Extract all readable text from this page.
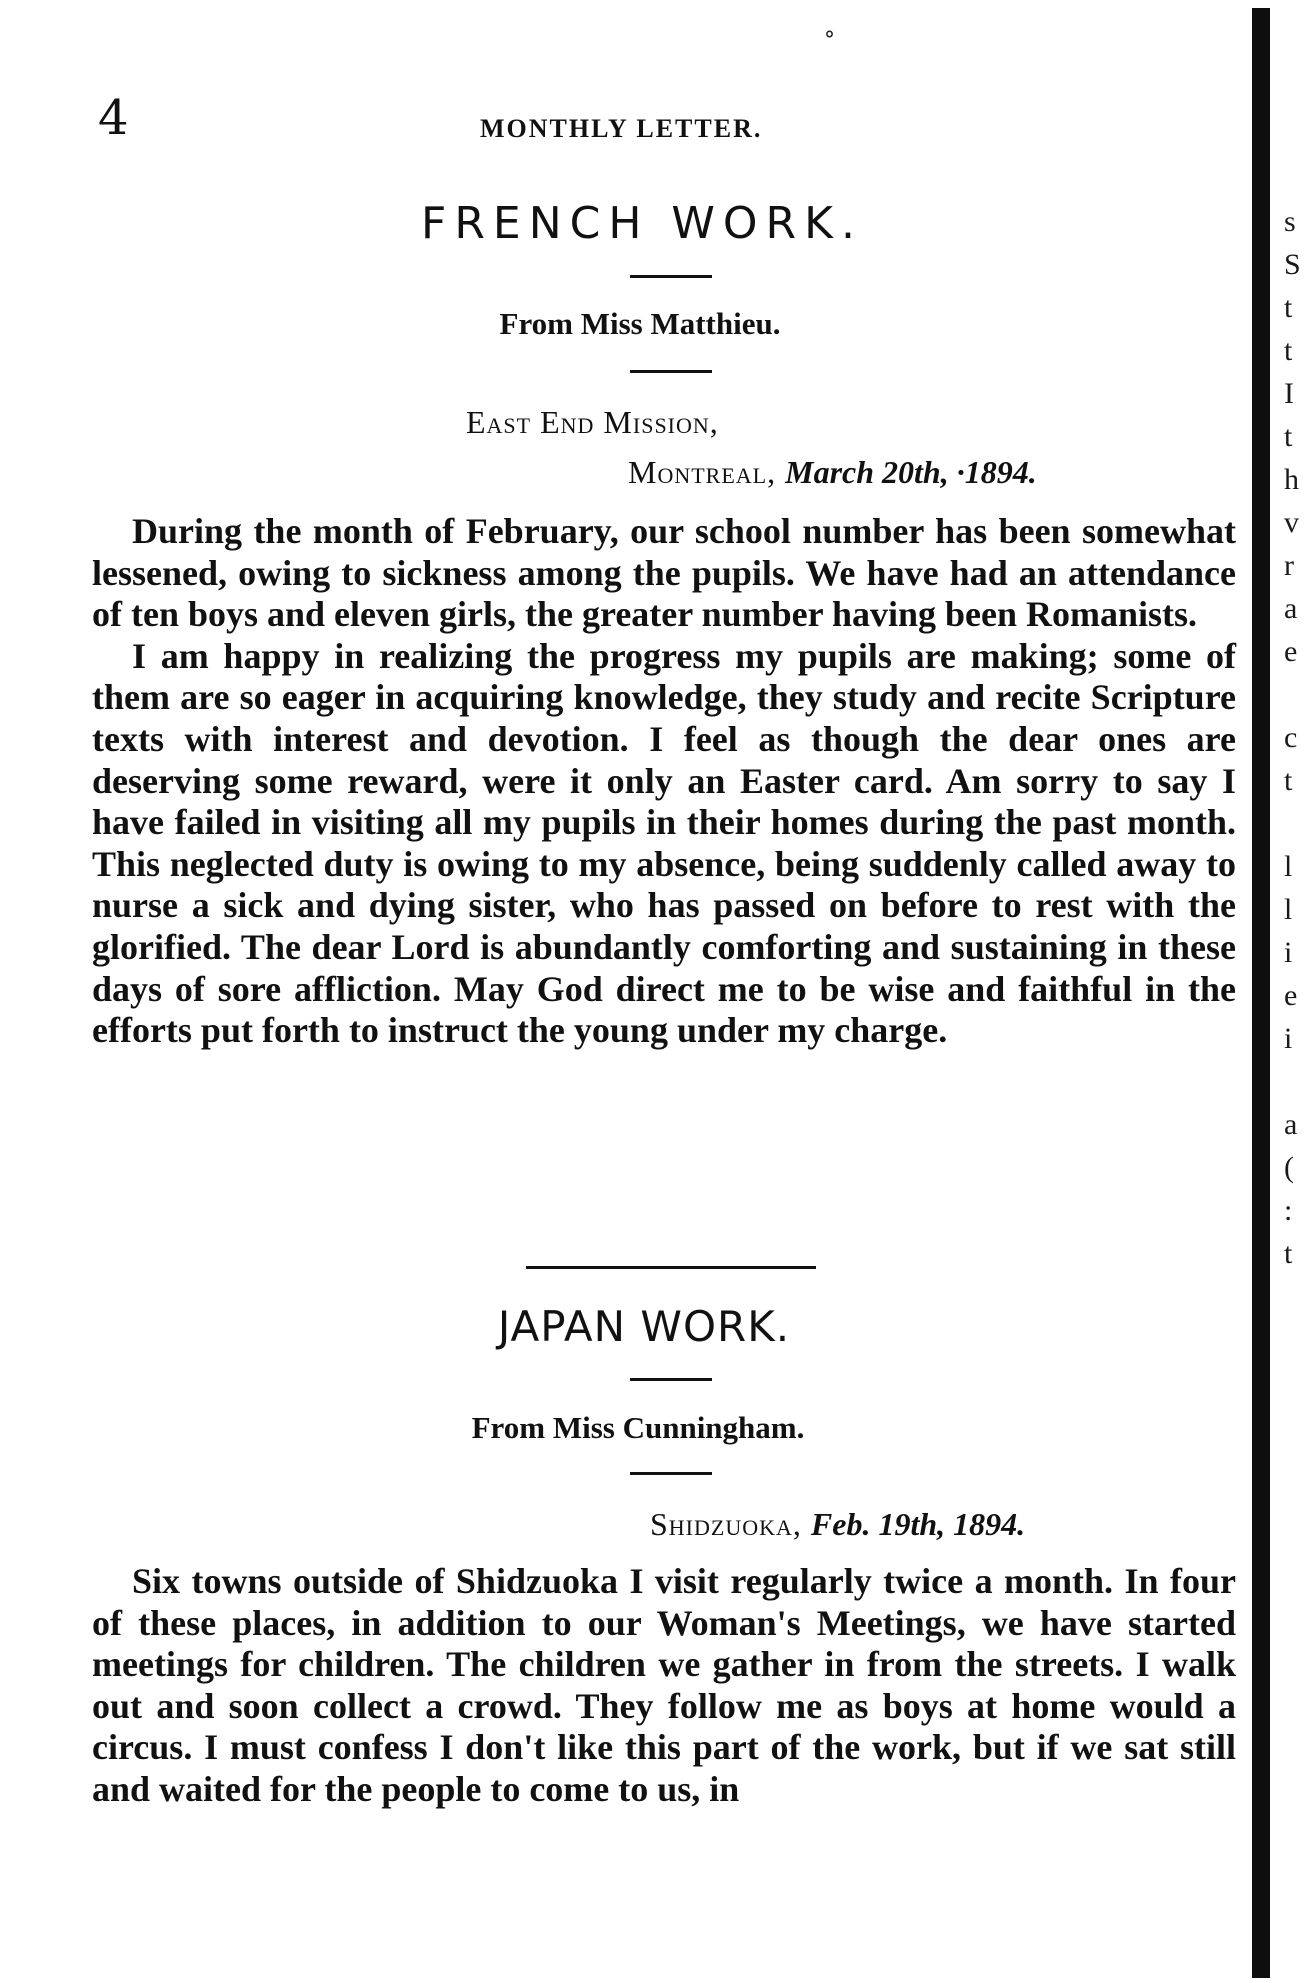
°
4	MONTHLY LETTER.
FRENCH WORK.
From Miss Matthieu.
East End Mission,
Montreal, March 20th, ·1894.

During the month of February, our school number has been somewhat lessened, owing to sickness among the pupils. We have had an attendance of ten boys and eleven girls, the greater number having been Romanists.

I am happy in realizing the progress my pupils are making; some of them are so eager in acquiring knowledge, they study and recite Scripture texts with interest and devotion. I feel as though the dear ones are deserving some reward, were it only an Easter card. Am sorry to say I have failed in visiting all my pupils in their homes during the past month. This neglected duty is owing to my absence, being suddenly called away to nurse a sick and dying sister, who has passed on before to rest with the glorified. The dear Lord is abundantly comforting and sustaining in these days of sore affliction. May God direct me to be wise and faithful in the efforts put forth to instruct the young under my charge.

JAPAN WORK.
From Miss Cunningham.
Shidzuoka, Feb. 19th, 1894.

Six towns outside of Shidzuoka I visit regularly twice a month. In four of these places, in addition to our Woman's Meetings, we have started meetings for children. The children we gather in from the streets. I walk out and soon collect a crowd. They follow me as boys at home would a circus. I must confess I don't like this part of the work, but if we sat still and waited for the people to come to us, in

s
S
t
t
I
t
h
v
r
a
e
c
t
l
l
i
e
i
a
(
:
t
